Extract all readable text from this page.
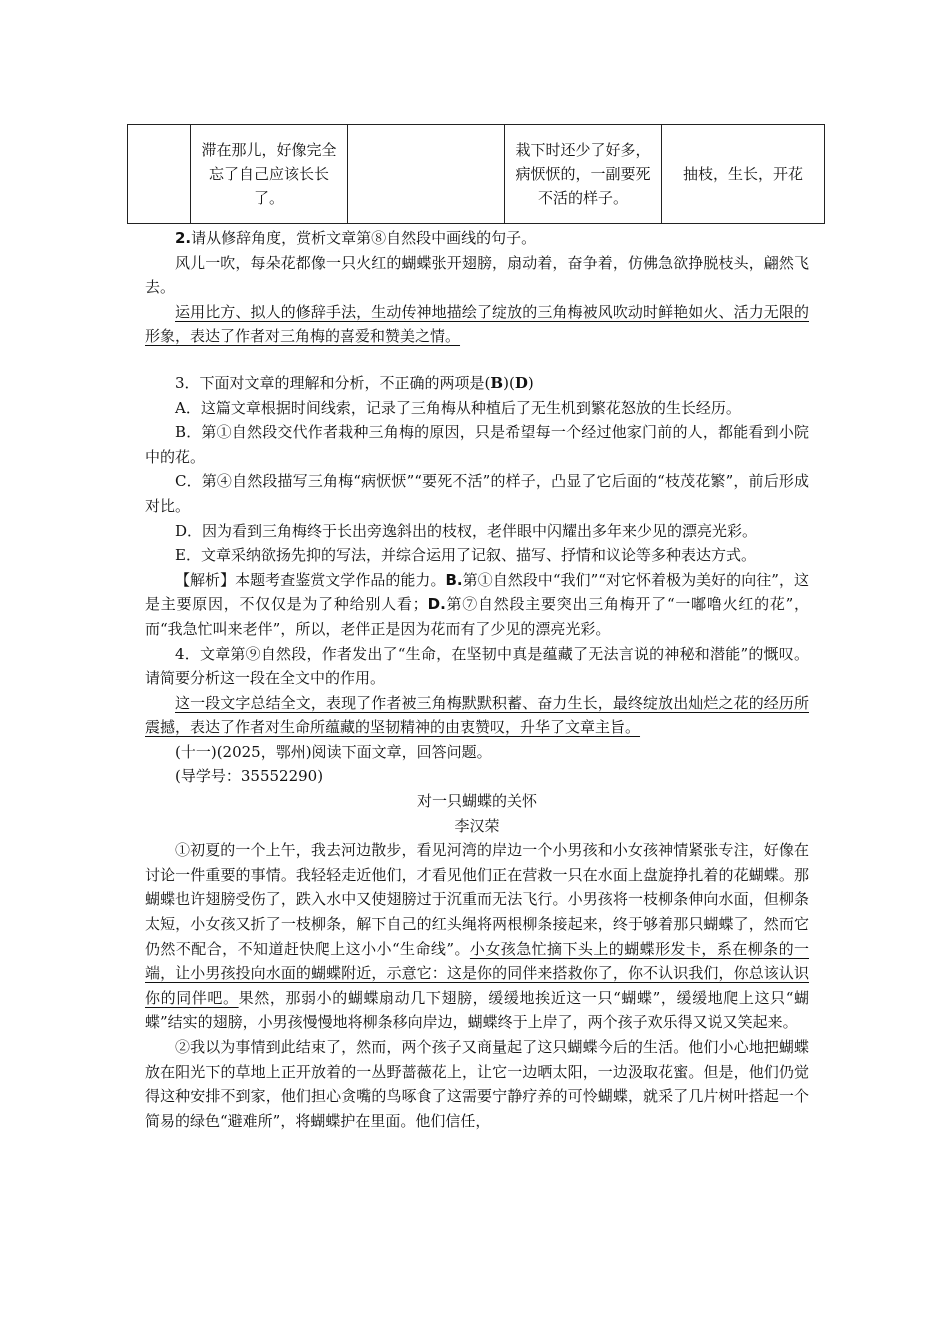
	滞在那儿，好像完全忘了自己应该长长了。		栽下时还少了好多，病恹恹的，一副要死不活的样子。	抽枝，生长，开花

2.请从修辞角度，赏析文章第⑧自然段中画线的句子。

风儿一吹，每朵花都像一只火红的蝴蝶张开翅膀，扇动着，奋争着，仿佛急欲挣脱枝头，翩然飞去。

运用比方、拟人的修辞手法，生动传神地描绘了绽放的三角梅被风吹动时鲜艳如火、活力无限的形象，表达了作者对三角梅的喜爱和赞美之情。

3．下面对文章的理解和分析，不正确的两项是(B)(D)

A．这篇文章根据时间线索，记录了三角梅从种植后了无生机到繁花怒放的生长经历。

B．第①自然段交代作者栽种三角梅的原因，只是希望每一个经过他家门前的人，都能看到小院中的花。

C．第④自然段描写三角梅“病恹恹”“要死不活”的样子，凸显了它后面的“枝茂花繁”，前后形成对比。

D．因为看到三角梅终于长出旁逸斜出的枝杈，老伴眼中闪耀出多年来少见的漂亮光彩。

E．文章采纳欲扬先抑的写法，并综合运用了记叙、描写、抒情和议论等多种表达方式。

【解析】本题考查鉴赏文学作品的能力。B.第①自然段中“我们”“对它怀着极为美好的向往”，这是主要原因，不仅仅是为了种给别人看；D.第⑦自然段主要突出三角梅开了“一嘟噜火红的花”，而“我急忙叫来老伴”，所以，老伴正是因为花而有了少见的漂亮光彩。

4．文章第⑨自然段，作者发出了“生命，在坚韧中真是蕴藏了无法言说的神秘和潜能”的慨叹。请简要分析这一段在全文中的作用。

这一段文字总结全文，表现了作者被三角梅默默积蓄、奋力生长，最终绽放出灿烂之花的经历所震撼，表达了作者对生命所蕴藏的坚韧精神的由衷赞叹，升华了文章主旨。

(十一)(2025，鄂州)阅读下面文章，回答问题。

(导学号：35552290)

对一只蝴蝶的关怀

李汉荣

①初夏的一个上午，我去河边散步，看见河湾的岸边一个小男孩和小女孩神情紧张专注，好像在讨论一件重要的事情。我轻轻走近他们，才看见他们正在营救一只在水面上盘旋挣扎着的花蝴蝶。那蝴蝶也许翅膀受伤了，跌入水中又使翅膀过于沉重而无法飞行。小男孩将一枝柳条伸向水面，但柳条太短，小女孩又折了一枝柳条，解下自己的红头绳将两根柳条接起来，终于够着那只蝴蝶了，然而它仍然不配合，不知道赶快爬上这小小“生命线”。小女孩急忙摘下头上的蝴蝶形发卡，系在柳条的一端，让小男孩投向水面的蝴蝶附近，示意它：这是你的同伴来搭救你了，你不认识我们，你总该认识你的同伴吧。果然，那弱小的蝴蝶扇动几下翅膀，缓缓地挨近这一只“蝴蝶”，缓缓地爬上这只“蝴蝶”结实的翅膀，小男孩慢慢地将柳条移向岸边，蝴蝶终于上岸了，两个孩子欢乐得又说又笑起来。

②我以为事情到此结束了，然而，两个孩子又商量起了这只蝴蝶今后的生活。他们小心地把蝴蝶放在阳光下的草地上正开放着的一丛野蔷薇花上，让它一边晒太阳，一边汲取花蜜。但是，他们仍觉得这种安排不到家，他们担心贪嘴的鸟啄食了这需要宁静疗养的可怜蝴蝶，就采了几片树叶搭起一个简易的绿色“避难所”，将蝴蝶护在里面。他们信任，
